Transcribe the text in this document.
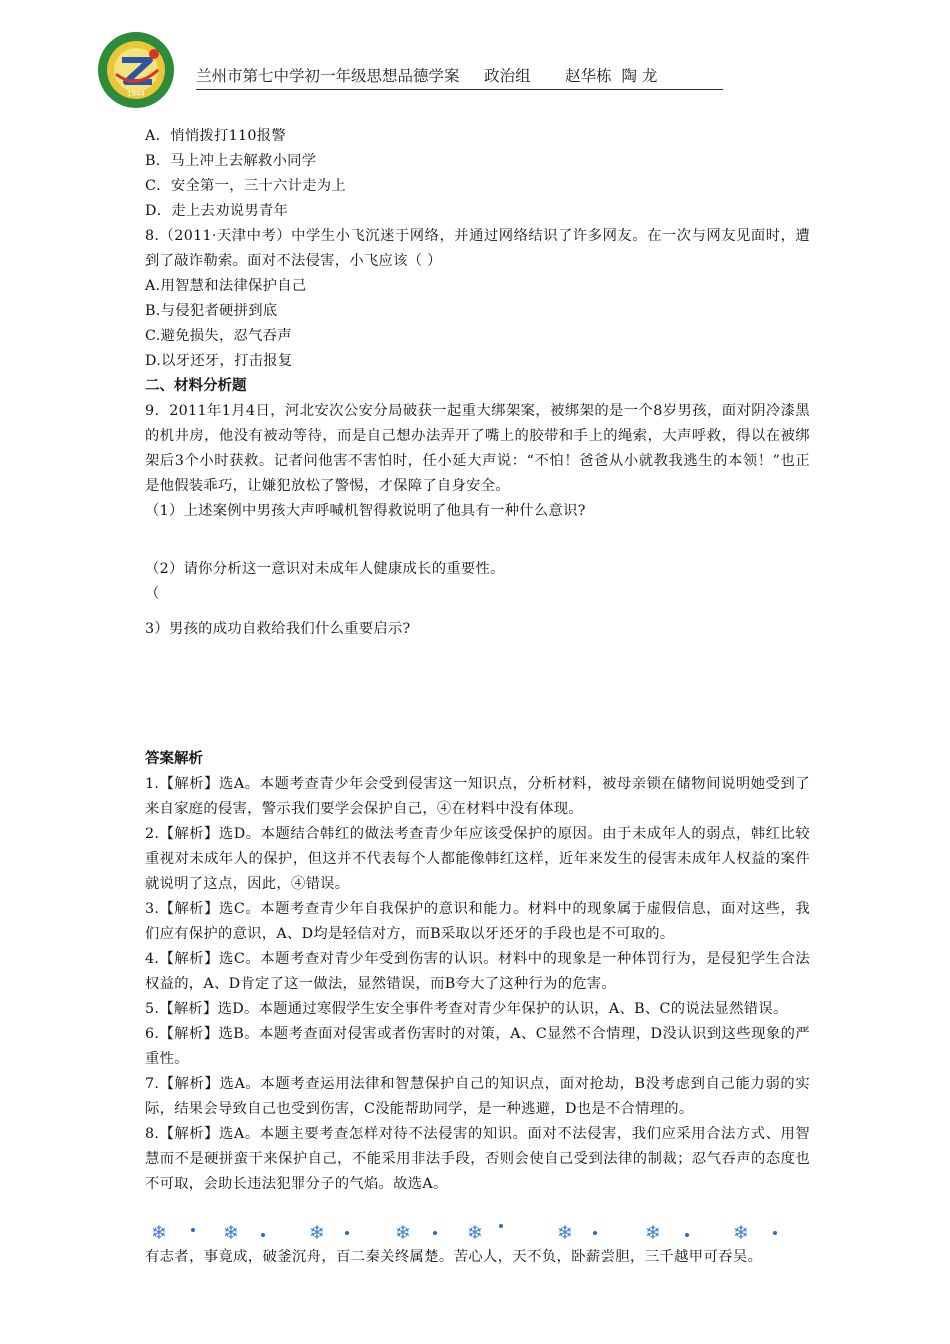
1944
兰州市第七中学初一年级思想品德学案     政治组       赵华栋  陶 龙
A．悄悄拨打110报警
B．马上冲上去解救小同学
C．安全第一，三十六计走为上
D．走上去劝说男青年
8.（2011·天津中考）中学生小飞沉迷于网络，并通过网络结识了许多网友。在一次与网友见面时，遭到了敲诈勒索。面对不法侵害，小飞应该（ ）
A.用智慧和法律保护自己
B.与侵犯者硬拼到底
C.避免损失，忍气吞声
D.以牙还牙，打击报复
二、材料分析题
9．2011年1月4日，河北安次公安分局破获一起重大绑架案，被绑架的是一个8岁男孩，面对阴冷漆黑的机井房，他没有被动等待，而是自己想办法弄开了嘴上的胶带和手上的绳索，大声呼救，得以在被绑架后3个小时获救。记者问他害不害怕时，任小延大声说：“不怕！爸爸从小就教我逃生的本领！”也正是他假装乖巧，让嫌犯放松了警惕，才保障了自身安全。
（1）上述案例中男孩大声呼喊机智得救说明了他具有一种什么意识?
（2）请你分析这一意识对未成年人健康成长的重要性。
（
3）男孩的成功自救给我们什么重要启示?
答案解析
1.【解析】选A。本题考查青少年会受到侵害这一知识点，分析材料，被母亲锁在储物间说明她受到了来自家庭的侵害，警示我们要学会保护自己，④在材料中没有体现。
2.【解析】选D。本题结合韩红的做法考查青少年应该受保护的原因。由于未成年人的弱点，韩红比较重视对未成年人的保护，但这并不代表每个人都能像韩红这样，近年来发生的侵害未成年人权益的案件就说明了这点，因此，④错误。
3.【解析】选C。本题考查青少年自我保护的意识和能力。材料中的现象属于虚假信息，面对这些，我们应有保护的意识，A、D均是轻信对方，而B采取以牙还牙的手段也是不可取的。
4.【解析】选C。本题考查对青少年受到伤害的认识。材料中的现象是一种体罚行为，是侵犯学生合法权益的，A、D肯定了这一做法，显然错误，而B夸大了这种行为的危害。
5.【解析】选D。本题通过寒假学生安全事件考查对青少年保护的认识，A、B、C的说法显然错误。
6.【解析】选B。本题考查面对侵害或者伤害时的对策，A、C显然不合情理，D没认识到这些现象的严重性。
7.【解析】选A。本题考查运用法律和智慧保护自己的知识点，面对抢劫，B没考虑到自己能力弱的实际，结果会导致自己也受到伤害，C没能帮助同学，是一种逃避，D也是不合情理的。
8.【解析】选A。本题主要考查怎样对待不法侵害的知识。面对不法侵害，我们应采用合法方式、用智慧而不是硬拼蛮干来保护自己，不能采用非法手段，否则会使自己受到法律的制裁；忍气吞声的态度也不可取，会助长违法犯罪分子的气焰。故选A。
❄	❄	❄	❄	❄	❄	❄	❄
有志者，事竟成，破釜沉舟，百二秦关终属楚。苦心人，天不负，卧薪尝胆，三千越甲可吞吴。
